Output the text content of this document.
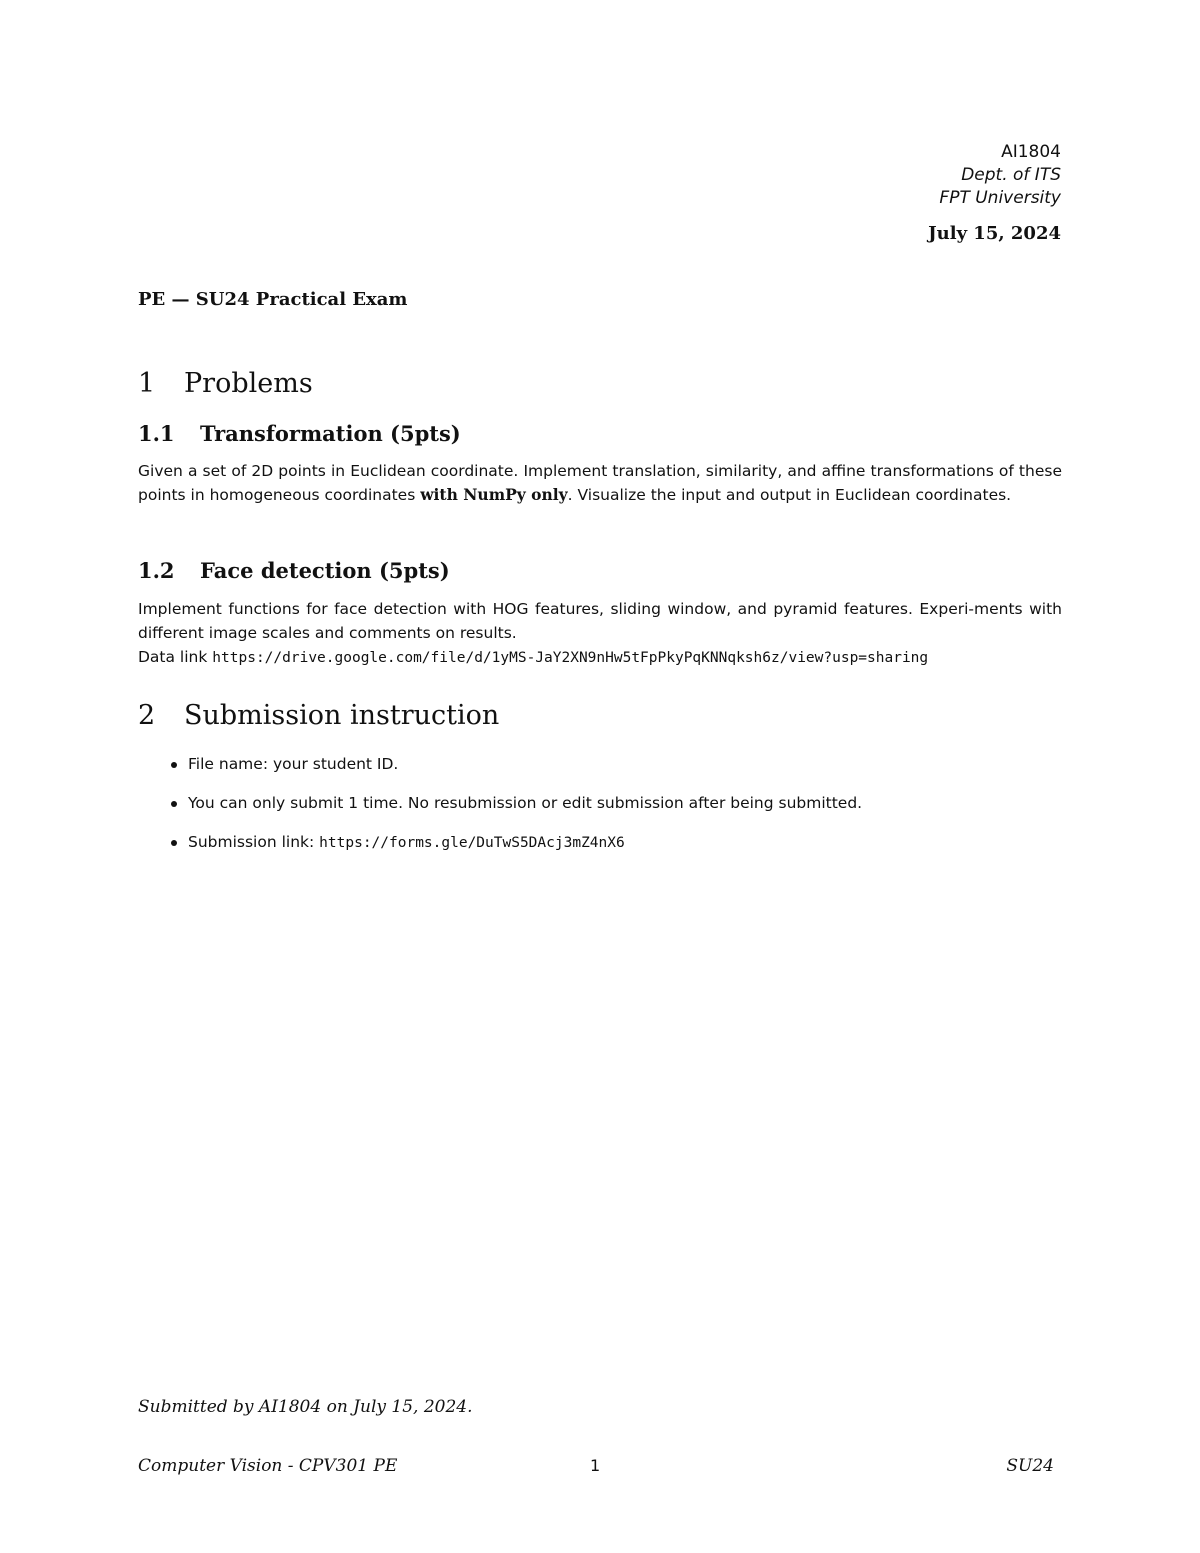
AI1804
Dept. of ITS
FPT University
July 15, 2024
PE — SU24 Practical Exam
1 Problems
1.1 Transformation (5pts)
Given a set of 2D points in Euclidean coordinate. Implement translation, similarity, and affine transformations of these points in homogeneous coordinates with NumPy only. Visualize the input and output in Euclidean coordinates.
1.2 Face detection (5pts)
Implement functions for face detection with HOG features, sliding window, and pyramid features. Experi-ments with different image scales and comments on results.
Data link https://drive.google.com/file/d/1yMS-JaY2XN9nHw5tFpPkyPqKNNqksh6z/view?usp=sharing
2 Submission instruction
File name: your student ID.
You can only submit 1 time. No resubmission or edit submission after being submitted.
Submission link: https://forms.gle/DuTwS5DAcj3mZ4nX6
Submitted by AI1804 on July 15, 2024.
Computer Vision - CPV301 PE	1	SU24
